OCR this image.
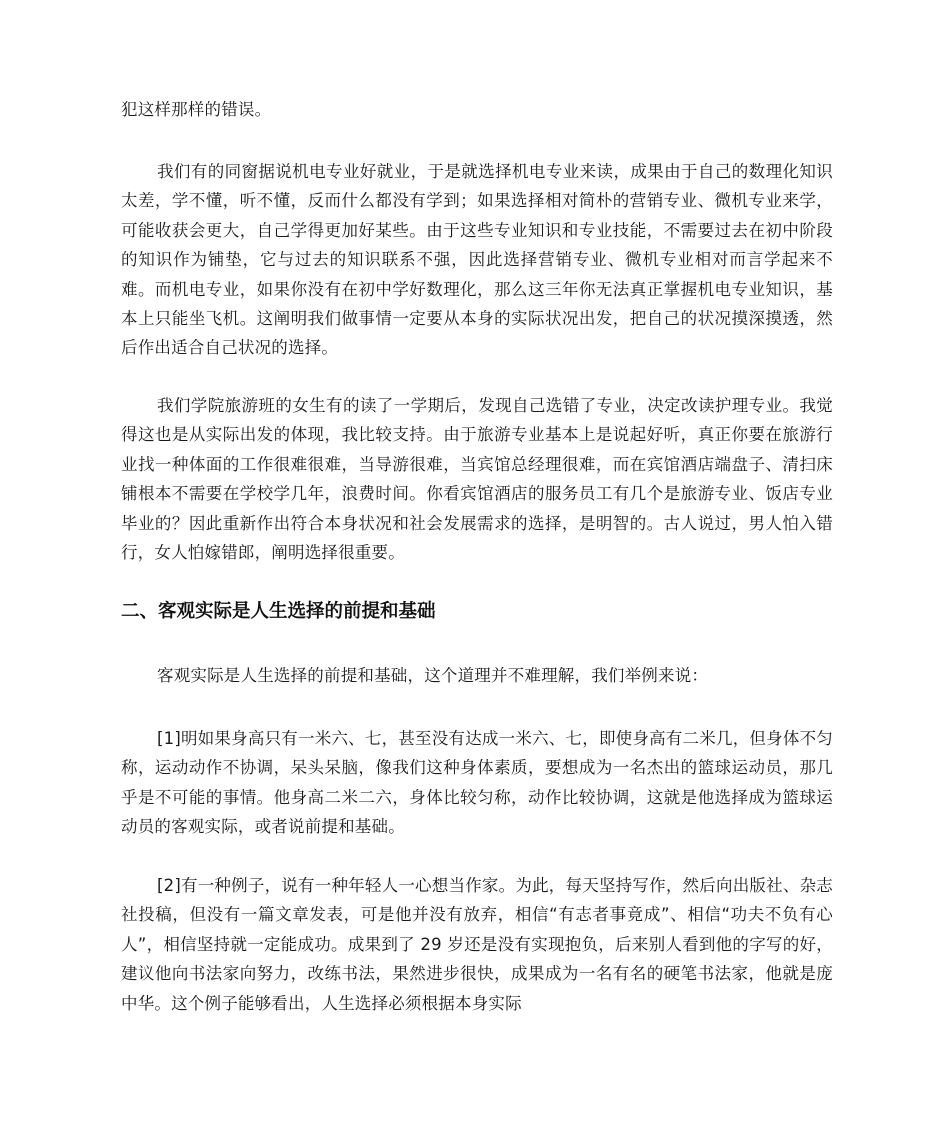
犯这样那样的错误。

我们有的同窗据说机电专业好就业，于是就选择机电专业来读，成果由于自己的数理化知识太差，学不懂，听不懂，反而什么都没有学到；如果选择相对简朴的营销专业、微机专业来学，可能收获会更大，自己学得更加好某些。由于这些专业知识和专业技能，不需要过去在初中阶段的知识作为铺垫，它与过去的知识联系不强，因此选择营销专业、微机专业相对而言学起来不难。而机电专业，如果你没有在初中学好数理化，那么这三年你无法真正掌握机电专业知识，基本上只能坐飞机。这阐明我们做事情一定要从本身的实际状况出发，把自己的状况摸深摸透，然后作出适合自己状况的选择。

我们学院旅游班的女生有的读了一学期后，发现自己选错了专业，决定改读护理专业。我觉得这也是从实际出发的体现，我比较支持。由于旅游专业基本上是说起好听，真正你要在旅游行业找一种体面的工作很难很难，当导游很难，当宾馆总经理很难，而在宾馆酒店端盘子、清扫床铺根本不需要在学校学几年，浪费时间。你看宾馆酒店的服务员工有几个是旅游专业、饭店专业毕业的？因此重新作出符合本身状况和社会发展需求的选择，是明智的。古人说过，男人怕入错行，女人怕嫁错郎，阐明选择很重要。

二、客观实际是人生选择的前提和基础

客观实际是人生选择的前提和基础，这个道理并不难理解，我们举例来说：

[1]明如果身高只有一米六、七，甚至没有达成一米六、七，即使身高有二米几，但身体不匀称，运动动作不协调，呆头呆脑，像我们这种身体素质，要想成为一名杰出的篮球运动员，那几乎是不可能的事情。他身高二米二六，身体比较匀称，动作比较协调，这就是他选择成为篮球运动员的客观实际，或者说前提和基础。

[2]有一种例子，说有一种年轻人一心想当作家。为此，每天坚持写作，然后向出版社、杂志社投稿，但没有一篇文章发表，可是他并没有放弃，相信“有志者事竟成”、相信“功夫不负有心人”，相信坚持就一定能成功。成果到了 29 岁还是没有实现抱负，后来别人看到他的字写的好，建议他向书法家向努力，改练书法，果然进步很快，成果成为一名有名的硬笔书法家，他就是庞中华。这个例子能够看出，人生选择必须根据本身实际
